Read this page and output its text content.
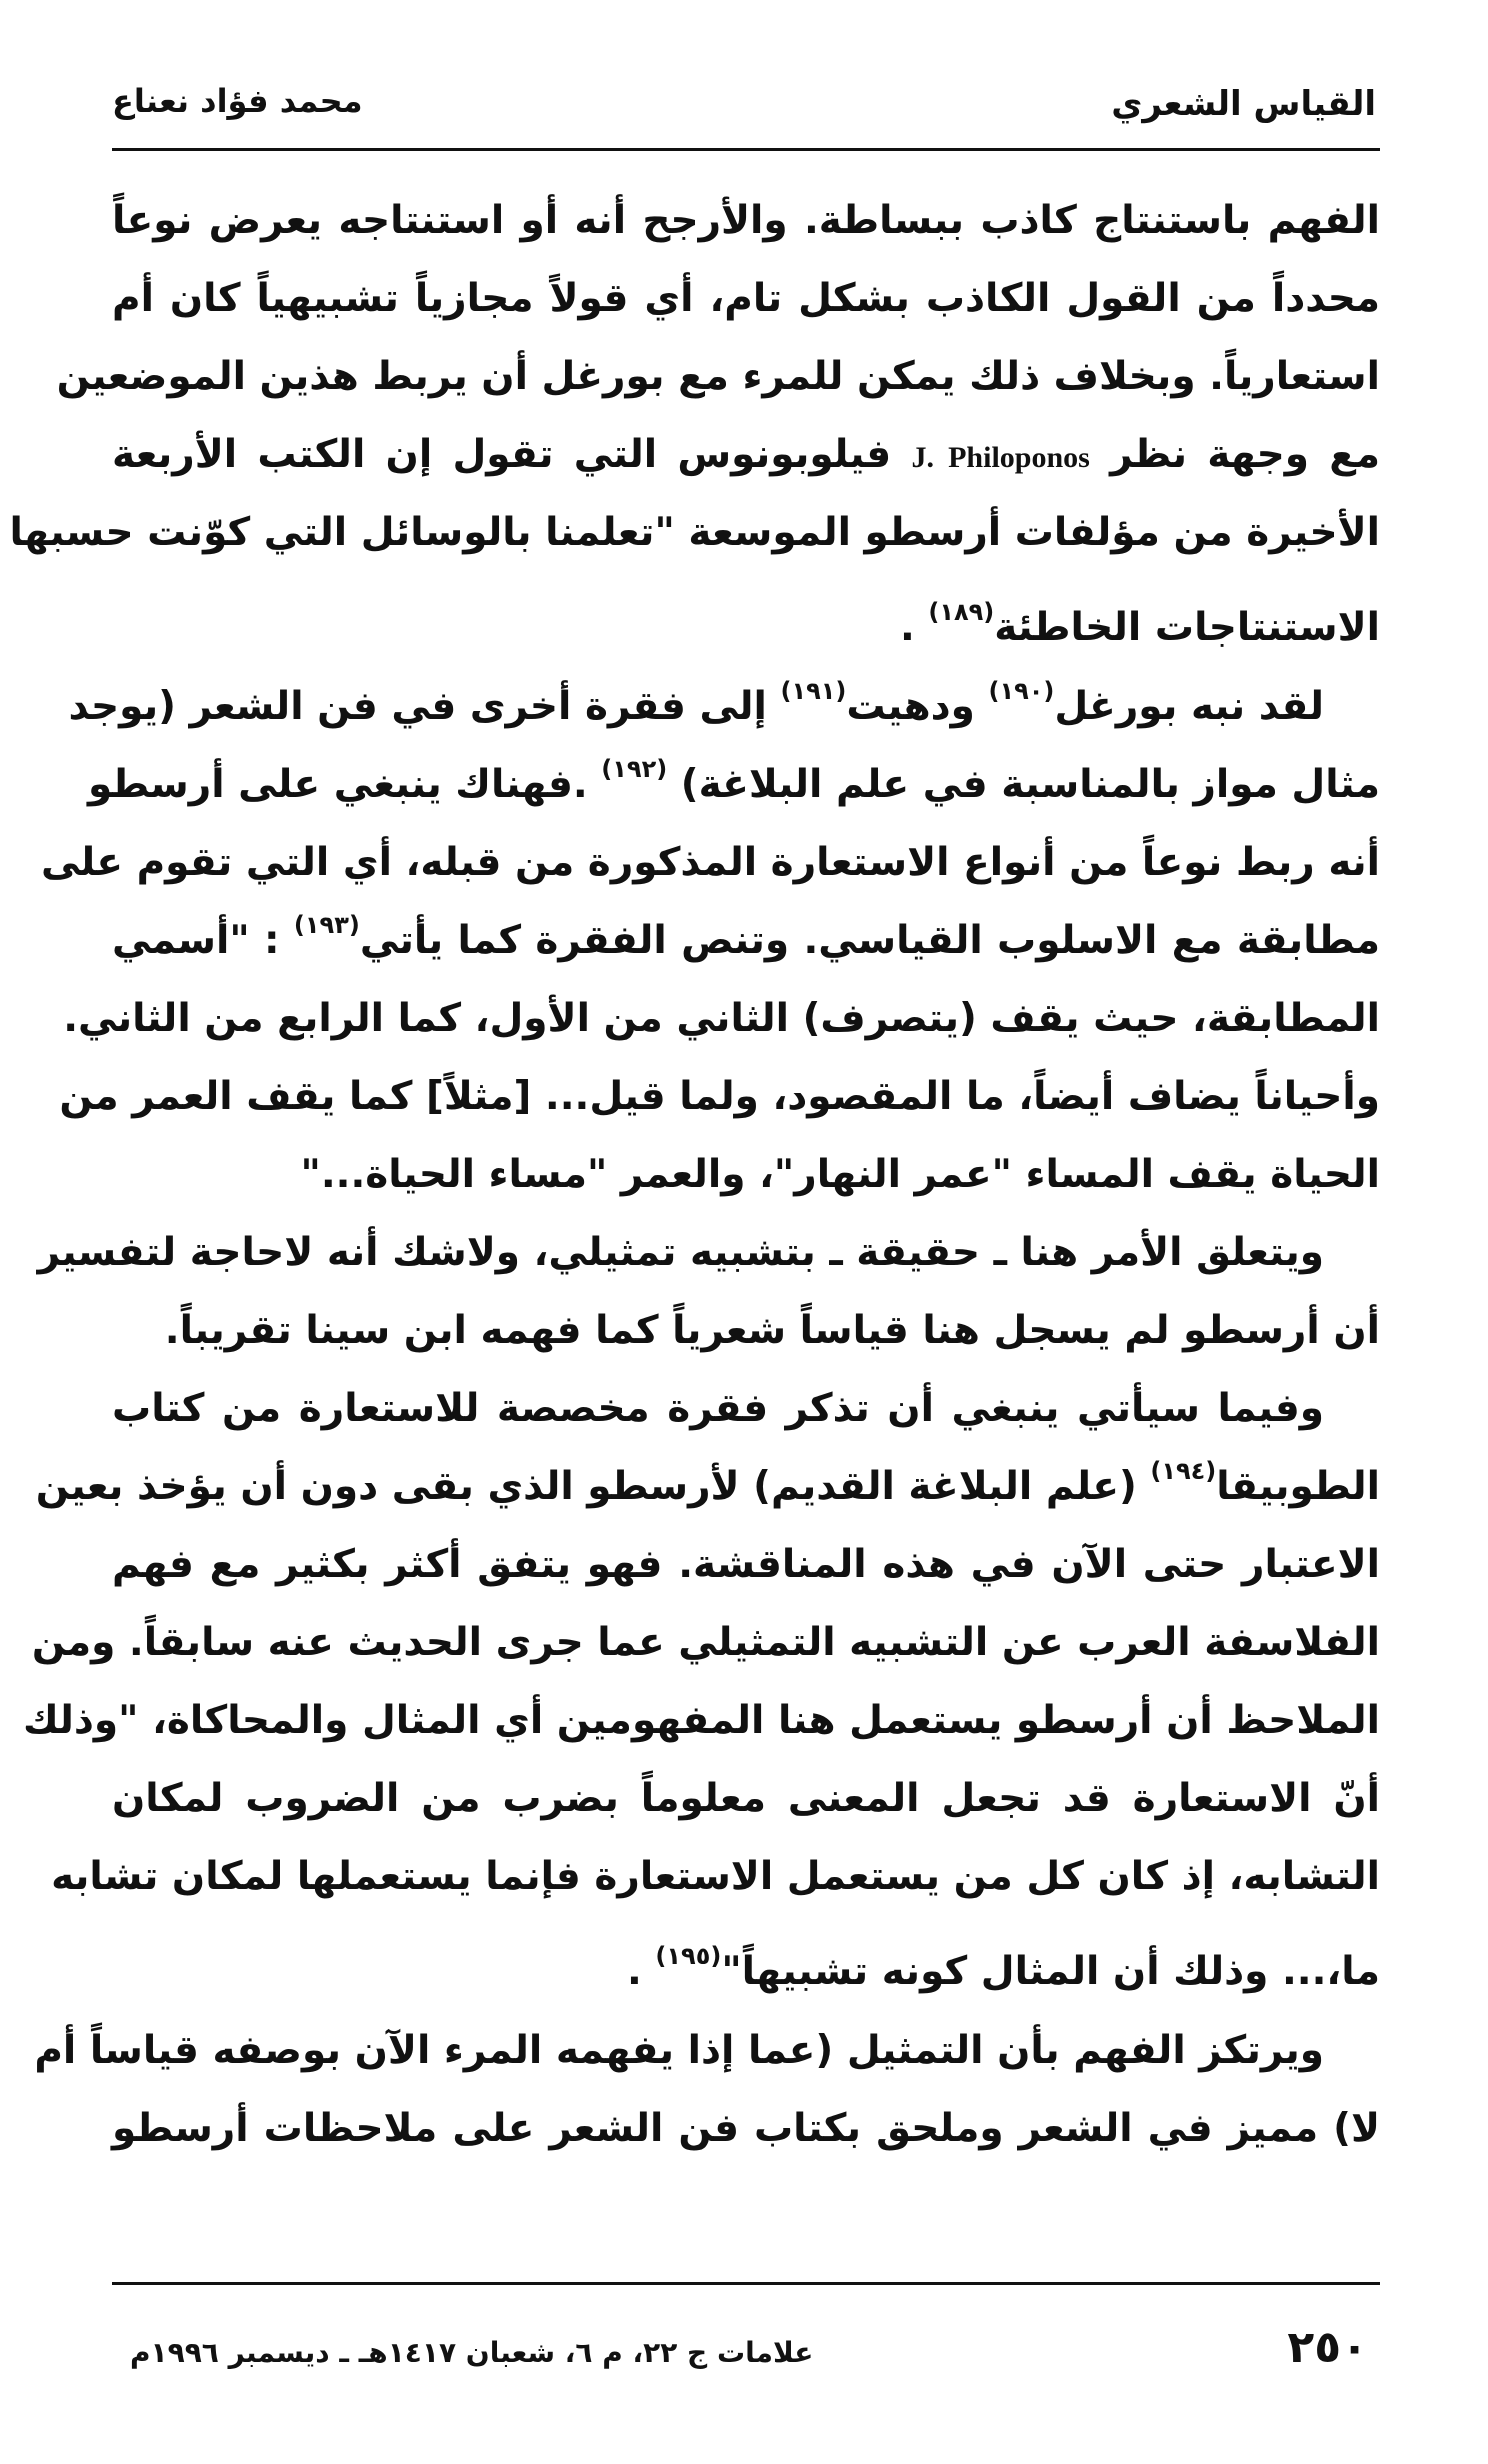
القياس الشعري
محمد فؤاد نعناع
الفهم باستنتاج كاذب ببساطة. والأرجح أنه أو استنتاجه يعرض نوعاً
محدداً من القول الكاذب بشكل تام، أي قولاً مجازياً تشبيهياً كان أم
استعارياً. وبخلاف ذلك يمكن للمرء مع بورغل أن يربط هذين الموضعين
مع وجهة نظر J. Philoponos فيلوبونوس التي تقول إن الكتب الأربعة
الأخيرة من مؤلفات أرسطو الموسعة "تعلمنا بالوسائل التي كوّنت حسبها
الاستنتاجات الخاطئة$^{(١٨٩)}$ .
لقد نبه بورغل$^{(١٩٠)}$ ودهيت$^{(١٩١)}$ إلى فقرة أخرى في فن الشعر (يوجد
مثال مواز بالمناسبة في علم البلاغة) $^{(١٩٢)}$ .فهناك ينبغي على أرسطو
أنه ربط نوعاً من أنواع الاستعارة المذكورة من قبله، أي التي تقوم على
مطابقة مع الاسلوب القياسي. وتنص الفقرة كما يأتي$^{(١٩٣)}$ : "أسمي
المطابقة، حيث يقف (يتصرف) الثاني من الأول، كما الرابع من الثاني.
وأحياناً يضاف أيضاً، ما المقصود، ولما قيل... [مثلاً] كما يقف العمر من
الحياة يقف المساء "عمر النهار"، والعمر "مساء الحياة..."
ويتعلق الأمر هنا ـ حقيقة ـ بتشبيه تمثيلي، ولاشك أنه لاحاجة لتفسير
أن أرسطو لم يسجل هنا قياساً شعرياً كما فهمه ابن سينا تقريباً.
وفيما سيأتي ينبغي أن تذكر فقرة مخصصة للاستعارة من كتاب
الطوبيقا$^{(١٩٤)}$ (علم البلاغة القديم) لأرسطو الذي بقى دون أن يؤخذ بعين
الاعتبار حتى الآن في هذه المناقشة. فهو يتفق أكثر بكثير مع فهم
الفلاسفة العرب عن التشبيه التمثيلي عما جرى الحديث عنه سابقاً. ومن
الملاحظ أن أرسطو يستعمل هنا المفهومين أي المثال والمحاكاة، "وذلك
أنّ الاستعارة قد تجعل المعنى معلوماً بضرب من الضروب لمكان
التشابه، إذ كان كل من يستعمل الاستعارة فإنما يستعملها لمكان تشابه
ما،... وذلك أن المثال كونه تشبيهاً"$^{(١٩٥)}$ .
ويرتكز الفهم بأن التمثيل (عما إذا يفهمه المرء الآن بوصفه قياساً أم
لا) مميز في الشعر وملحق بكتاب فن الشعر على ملاحظات أرسطو
٢٥٠
علامات ج ٢٢، م ٦، شعبان ١٤١٧هـ ـ ديسمبر ١٩٩٦م
